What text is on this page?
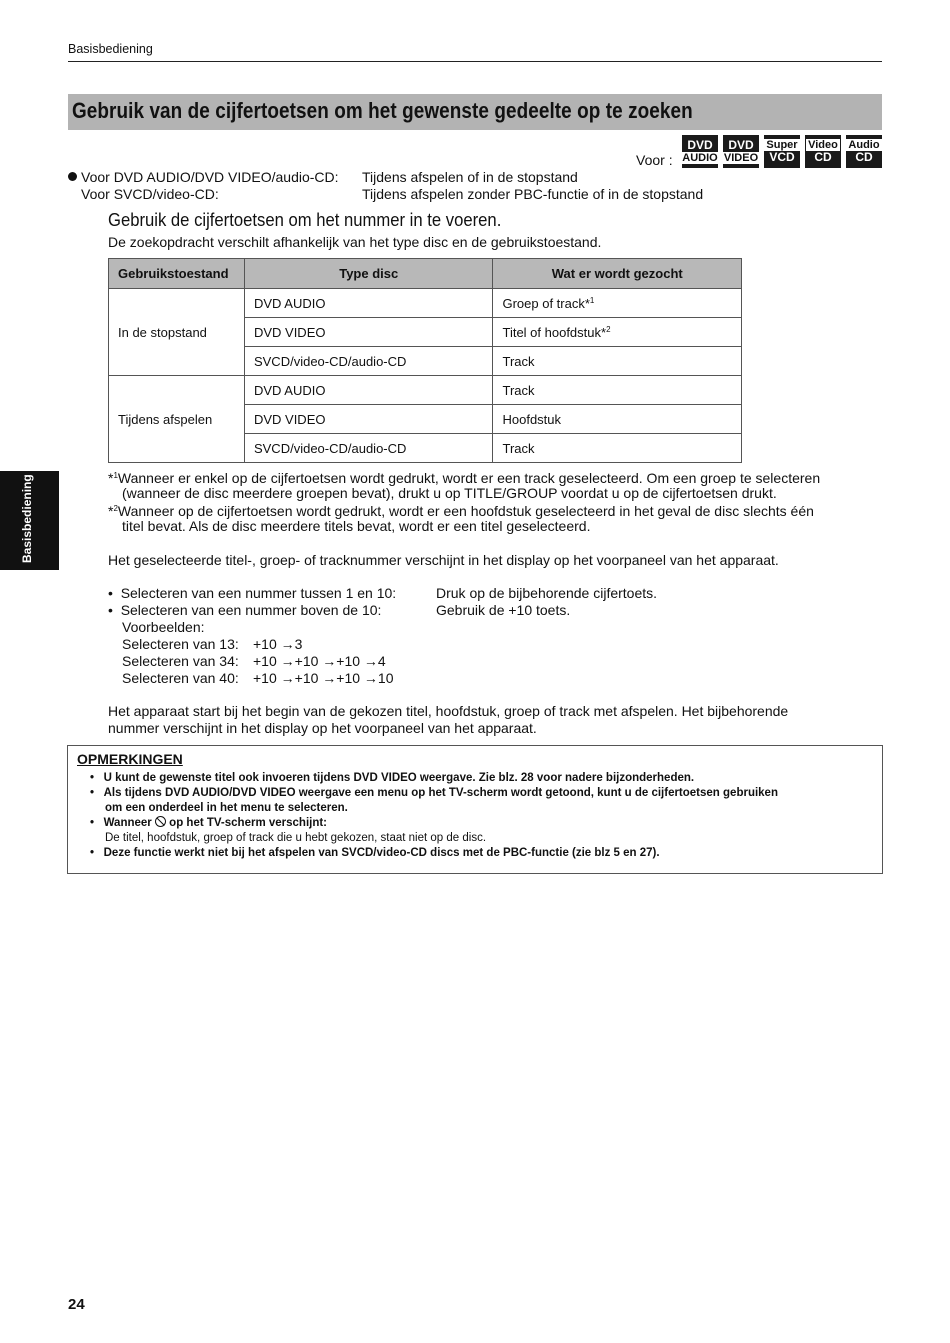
Basisbediening
Gebruik van de cijfertoetsen om het gewenste gedeelte op te zoeken
Voor :
DVD
AUDIO
DVD
VIDEO
Super
VCD
Video
CD
Audio
CD
Voor DVD AUDIO/DVD VIDEO/audio-CD: Tijdens afspelen of in de stopstand
Voor SVCD/video-CD:	Tijdens afspelen zonder PBC-functie of in de stopstand
Gebruik de cijfertoetsen om het nummer in te voeren.
De zoekopdracht verschilt afhankelijk van het type disc en de gebruikstoestand.
Gebruikstoestand	Type disc	Wat er wordt gezocht
In de stopstand	DVD AUDIO	Groep of track*$^1$
	DVD VIDEO	Titel of hoofdstuk*$^2$
	SVCD/video-CD/audio-CD	Track
Tijdens afspelen	DVD AUDIO	Track
	DVD VIDEO	Hoofdstuk
	SVCD/video-CD/audio-CD	Track
*$^1$Wanneer er enkel op de cijfertoetsen wordt gedrukt, wordt er een track geselecteerd. Om een groep te selecteren
(wanneer de disc meerdere groepen bevat), drukt u op TITLE/GROUP voordat u op de cijfertoetsen drukt.
*$^2$Wanneer op de cijfertoetsen wordt gedrukt, wordt er een hoofdstuk geselecteerd in het geval de disc slechts één
titel bevat. Als de disc meerdere titels bevat, wordt er een titel geselecteerd.
Het geselecteerde titel-, groep- of tracknummer verschijnt in het display op het voorpaneel van het apparaat.
•  Selecteren van een nummer tussen 1 en 10:	Druk op de bijbehorende cijfertoets.
•  Selecteren van een nummer boven de 10:	Gebruik de +10 toets.
Voorbeelden:
Selecteren van 13: +10 →3
Selecteren van 34: +10 →+10 →+10 →4
Selecteren van 40: +10 →+10 →+10 →10
Het apparaat start bij het begin van de gekozen titel, hoofdstuk, groep of track met afspelen. Het bijbehorende
nummer verschijnt in het display op het voorpaneel van het apparaat.
OPMERKINGEN
•   U kunt de gewenste titel ook invoeren tijdens DVD VIDEO weergave. Zie blz. 28 voor nadere bijzonderheden.
•   Als tijdens DVD AUDIO/DVD VIDEO weergave een menu op het TV-scherm wordt getoond, kunt u de cijfertoetsen gebruiken
om een onderdeel in het menu te selecteren.
•   Wanneer op het TV-scherm verschijnt:
De titel, hoofdstuk, groep of track die u hebt gekozen, staat niet op de disc.
•   Deze functie werkt niet bij het afspelen van SVCD/video-CD discs met de PBC-functie (zie blz 5 en 27).
Basisbediening
24
